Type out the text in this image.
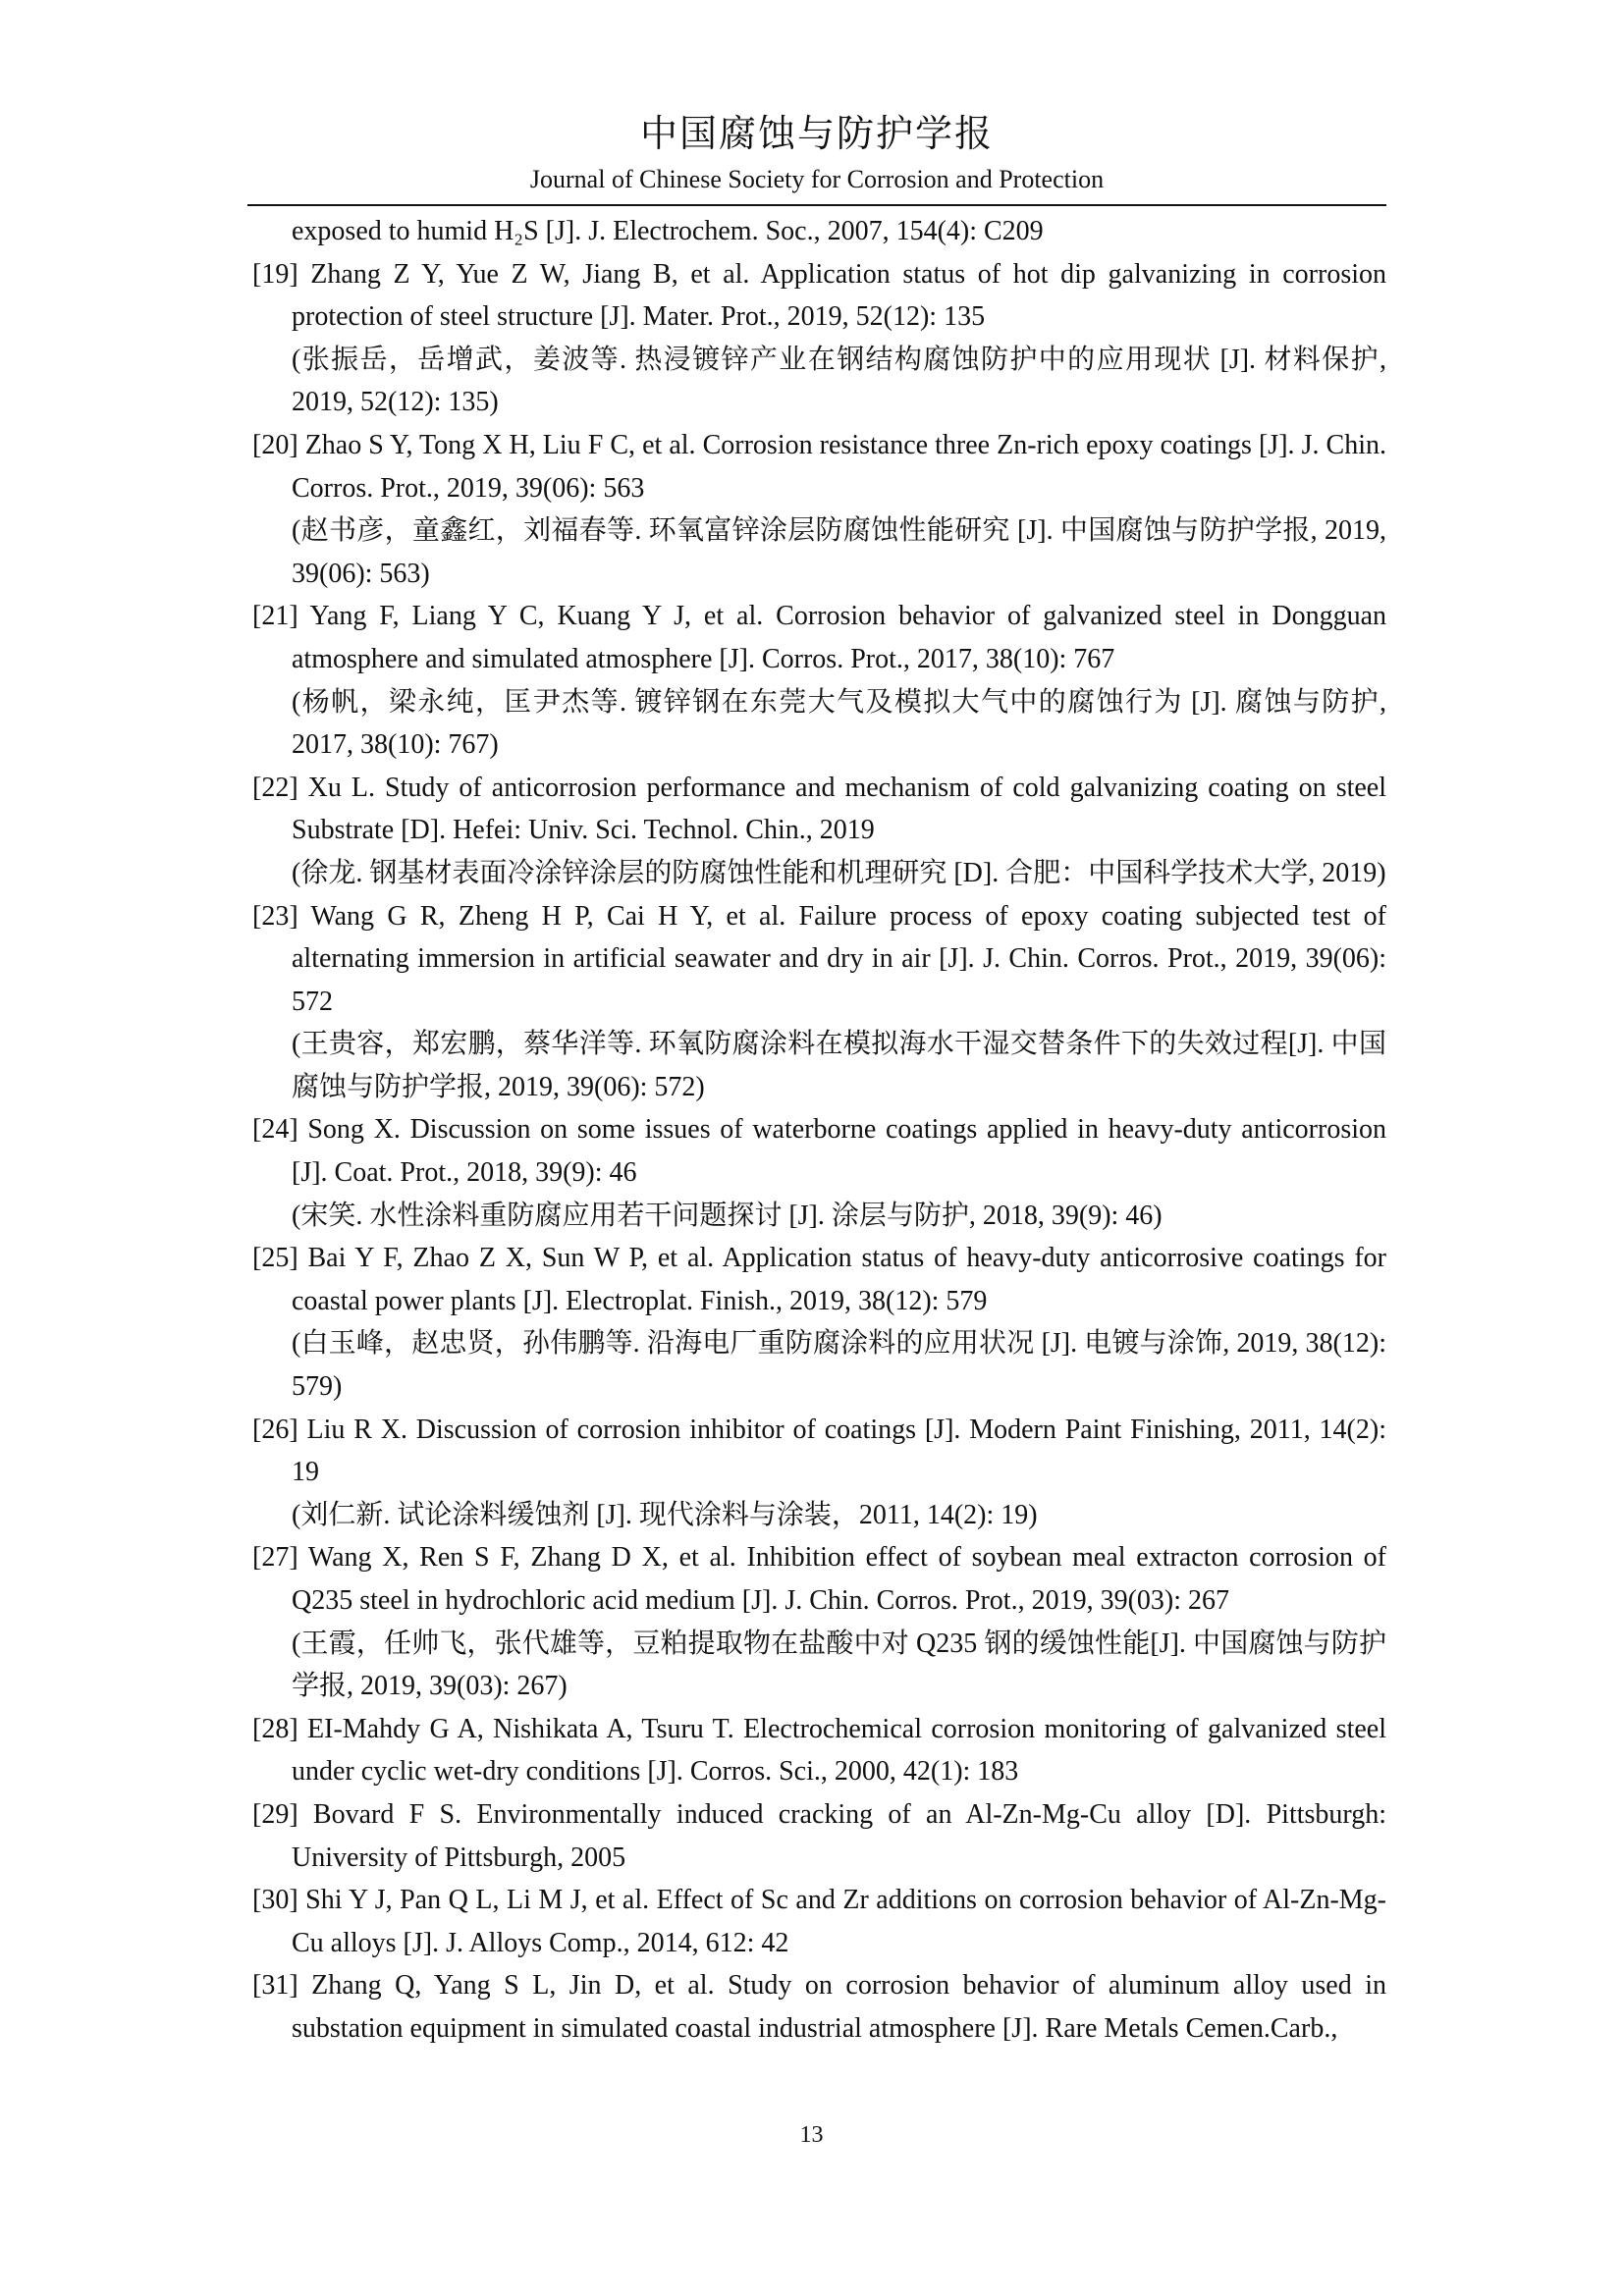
中国腐蚀与防护学报
Journal of Chinese Society for Corrosion and Protection
exposed to humid H₂S [J]. J. Electrochem. Soc., 2007, 154(4): C209
[19] Zhang Z Y, Yue Z W, Jiang B, et al. Application status of hot dip galvanizing in corrosion protection of steel structure [J]. Mater. Prot., 2019, 52(12): 135
(张振岳，岳增武，姜波等. 热浸镀锌产业在钢结构腐蚀防护中的应用现状 [J]. 材料保护, 2019, 52(12): 135)
[20] Zhao S Y, Tong X H, Liu F C, et al. Corrosion resistance three Zn-rich epoxy coatings [J]. J. Chin. Corros. Prot., 2019, 39(06): 563
(赵书彦，童鑫红，刘福春等. 环氧富锌涂层防腐蚀性能研究 [J]. 中国腐蚀与防护学报, 2019, 39(06): 563)
[21] Yang F, Liang Y C, Kuang Y J, et al. Corrosion behavior of galvanized steel in Dongguan atmosphere and simulated atmosphere [J]. Corros. Prot., 2017, 38(10): 767
(杨帆，梁永纯，匡尹杰等. 镀锌钢在东莞大气及模拟大气中的腐蚀行为 [J]. 腐蚀与防护, 2017, 38(10): 767)
[22] Xu L. Study of anticorrosion performance and mechanism of cold galvanizing coating on steel Substrate [D]. Hefei: Univ. Sci. Technol. Chin., 2019
(徐龙. 钢基材表面冷涂锌涂层的防腐蚀性能和机理研究 [D]. 合肥：中国科学技术大学, 2019)
[23] Wang G R, Zheng H P, Cai H Y, et al. Failure process of epoxy coating subjected test of alternating immersion in artificial seawater and dry in air [J]. J. Chin. Corros. Prot., 2019, 39(06): 572
(王贵容，郑宏鹏，蔡华洋等. 环氧防腐涂料在模拟海水干湿交替条件下的失效过程[J]. 中国腐蚀与防护学报, 2019, 39(06): 572)
[24] Song X. Discussion on some issues of waterborne coatings applied in heavy-duty anticorrosion [J]. Coat. Prot., 2018, 39(9): 46
(宋笑. 水性涂料重防腐应用若干问题探讨 [J]. 涂层与防护, 2018, 39(9): 46)
[25] Bai Y F, Zhao Z X, Sun W P, et al. Application status of heavy-duty anticorrosive coatings for coastal power plants [J]. Electroplat. Finish., 2019, 38(12): 579
(白玉峰，赵忠贤，孙伟鹏等. 沿海电厂重防腐涂料的应用状况 [J]. 电镀与涂饰, 2019, 38(12): 579)
[26] Liu R X. Discussion of corrosion inhibitor of coatings [J]. Modern Paint Finishing, 2011, 14(2): 19
(刘仁新. 试论涂料缓蚀剂 [J]. 现代涂料与涂装，2011, 14(2): 19)
[27] Wang X, Ren S F, Zhang D X, et al. Inhibition effect of soybean meal extracton corrosion of Q235 steel in hydrochloric acid medium [J]. J. Chin. Corros. Prot., 2019, 39(03): 267
(王霞，任帅飞，张代雄等，豆粕提取物在盐酸中对 Q235 钢的缓蚀性能[J]. 中国腐蚀与防护学报, 2019, 39(03): 267)
[28] EI-Mahdy G A, Nishikata A, Tsuru T. Electrochemical corrosion monitoring of galvanized steel under cyclic wet-dry conditions [J]. Corros. Sci., 2000, 42(1): 183
[29] Bovard F S. Environmentally induced cracking of an Al-Zn-Mg-Cu alloy [D]. Pittsburgh: University of Pittsburgh, 2005
[30] Shi Y J, Pan Q L, Li M J, et al. Effect of Sc and Zr additions on corrosion behavior of Al-Zn-Mg-Cu alloys [J]. J. Alloys Comp., 2014, 612: 42
[31] Zhang Q, Yang S L, Jin D, et al. Study on corrosion behavior of aluminum alloy used in substation equipment in simulated coastal industrial atmosphere [J]. Rare Metals Cemen.Carb.,
13
